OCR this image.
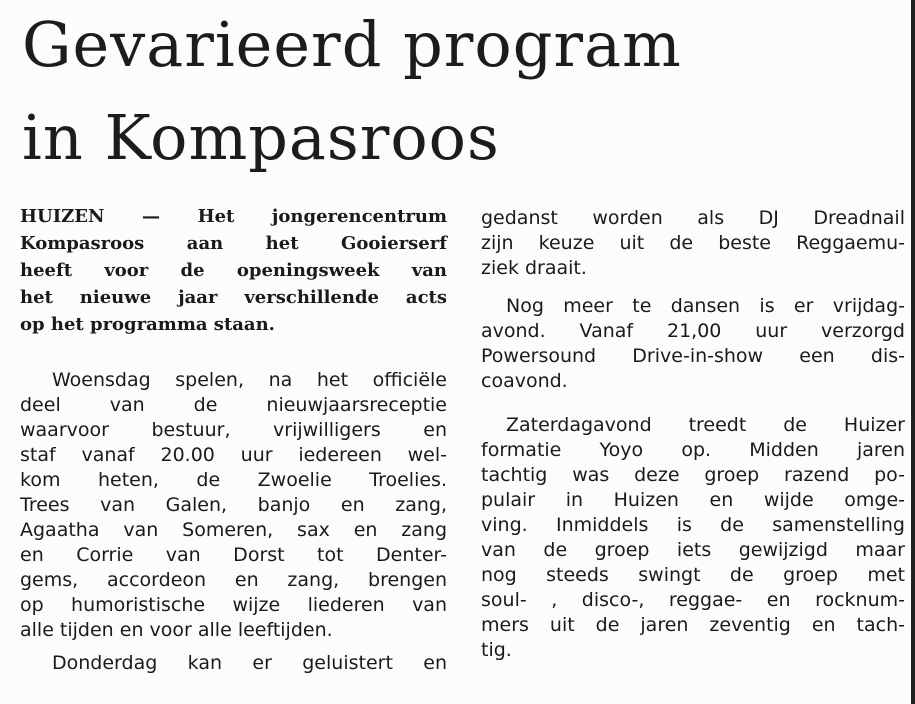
Gevarieerd program
in Kompasroos
HUIZEN — Het jongerencentrum
Kompasroos aan het Gooierserf
heeft voor de openingsweek van
het nieuwe jaar verschillende acts
op het programma staan.
Woensdag spelen, na het officiële
deel van de nieuwjaarsreceptie
waarvoor bestuur, vrijwilligers en
staf vanaf 20.00 uur iedereen wel-
kom heten, de Zwoelie Troelies.
Trees van Galen, banjo en zang,
Agaatha van Someren, sax en zang
en Corrie van Dorst tot Denter-
gems, accordeon en zang, brengen
op humoristische wijze liederen van
alle tijden en voor alle leeftijden.
Donderdag kan er geluistert en
gedanst worden als DJ Dreadnail
zijn keuze uit de beste Reggaemu-
ziek draait.
Nog meer te dansen is er vrijdag-
avond. Vanaf 21,00 uur verzorgd
Powersound Drive-in-show een dis-
coavond.
Zaterdagavond treedt de Huizer
formatie Yoyo op. Midden jaren
tachtig was deze groep razend po-
pulair in Huizen en wijde omge-
ving. Inmiddels is de samenstelling
van de groep iets gewijzigd maar
nog steeds swingt de groep met
soul- , disco-, reggae- en rocknum-
mers uit de jaren zeventig en tach-
tig.
